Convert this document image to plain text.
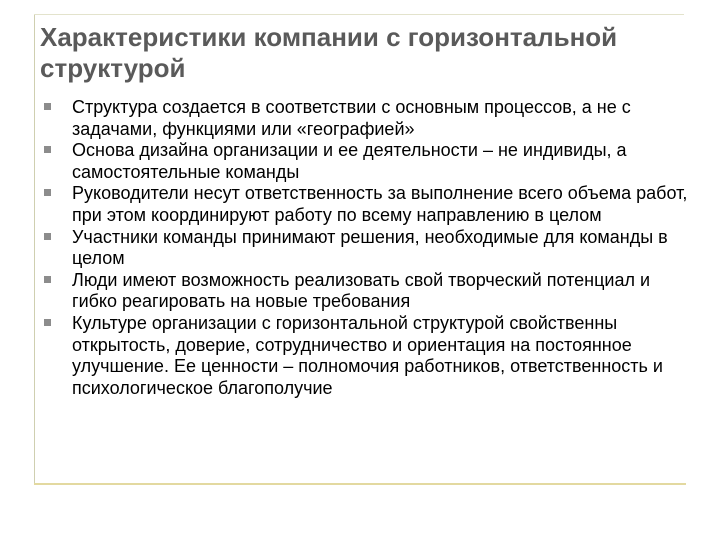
Характеристики компании с горизонтальной структурой
Структура создается в соответствии с основным процессов, а не с задачами, функциями или «географией»
Основа дизайна организации и ее деятельности – не индивиды, а самостоятельные команды
Руководители несут ответственность за выполнение всего объема работ, при этом координируют работу по всему направлению в целом
Участники команды принимают решения, необходимые для команды в целом
Люди имеют возможность реализовать свой творческий потенциал и гибко реагировать на новые требования
Культуре организации с горизонтальной структурой свойственны открытость, доверие, сотрудничество и ориентация на постоянное улучшение. Ее ценности – полномочия работников, ответственность и психологическое благополучие
